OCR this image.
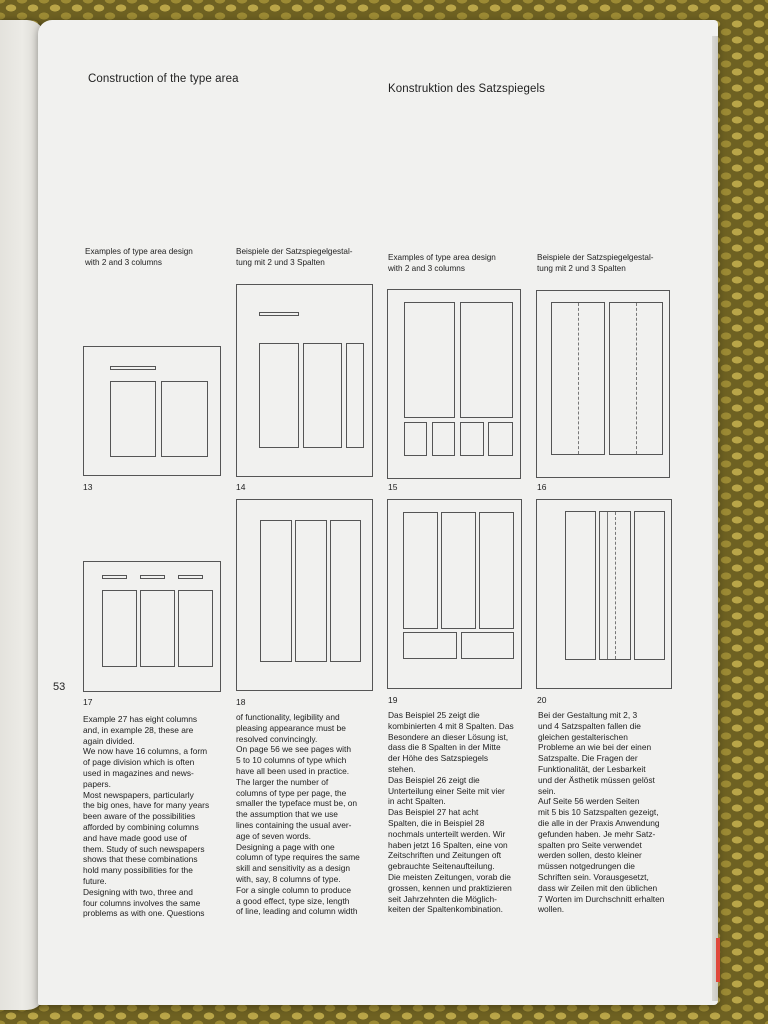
Construction of the type area

Konstruktion des Satzspiegels

Examples of type area design
with 2 and 3 columns

Beispiele der Satzspiegelgestal-
tung mit 2 und 3 Spalten	Examples of type area design
with 2 and 3 columns

Beispiele der Satzspiegelgestal-
tung mit 2 und 3 Spalten

13	14	15	16

17	18	19	20

53

Example 27 has eight columns
and, in example 28, these are
again divided.
We now have 16 columns, a form
of page division which is often
used in magazines and news-
papers.
Most newspapers, particularly
the big ones, have for many years
been aware of the possibilities
afforded by combining columns
and have made good use of
them. Study of such newspapers
shows that these combinations
hold many possibilities for the
future.
Designing with two, three and
four columns involves the same
problems as with one. Questions

of functionality, legibility and
pleasing appearance must be
resolved convincingly.
On page 56 we see pages with
5 to 10 columns of type which
have all been used in practice.
The larger the number of
columns of type per page, the
smaller the typeface must be, on
the assumption that we use
lines containing the usual aver-
age of seven words.
Designing a page with one
column of type requires the same
skill and sensitivity as a design
with, say, 8 columns of type.
For a single column to produce
a good effect, type size, length
of line, leading and column width

Das Beispiel 25 zeigt die
kombinierten 4 mit 8 Spalten. Das
Besondere an dieser Lösung ist,
dass die 8 Spalten in der Mitte
der Höhe des Satzspiegels
stehen.
Das Beispiel 26 zeigt die
Unterteilung einer Seite mit vier
in acht Spalten.
Das Beispiel 27 hat acht
Spalten, die in Beispiel 28
nochmals unterteilt werden. Wir
haben jetzt 16 Spalten, eine von
Zeitschriften und Zeitungen oft
gebrauchte Seitenaufteilung.
Die meisten Zeitungen, vorab die
grossen, kennen und praktizieren
seit Jahrzehnten die Möglich-
keiten der Spaltenkombination.

Bei der Gestaltung mit 2, 3
und 4 Satzspalten fallen die
gleichen gestalterischen
Probleme an wie bei der einen
Satzspalte. Die Fragen der
Funktionalität, der Lesbarkeit
und der Ästhetik müssen gelöst
sein.
Auf Seite 56 werden Seiten
mit 5 bis 10 Satzspalten gezeigt,
die alle in der Praxis Anwendung
gefunden haben. Je mehr Satz-
spalten pro Seite verwendet
werden sollen, desto kleiner
müssen notgedrungen die
Schriften sein. Vorausgesetzt,
dass wir Zeilen mit den üblichen
7 Worten im Durchschnitt erhalten
wollen.
